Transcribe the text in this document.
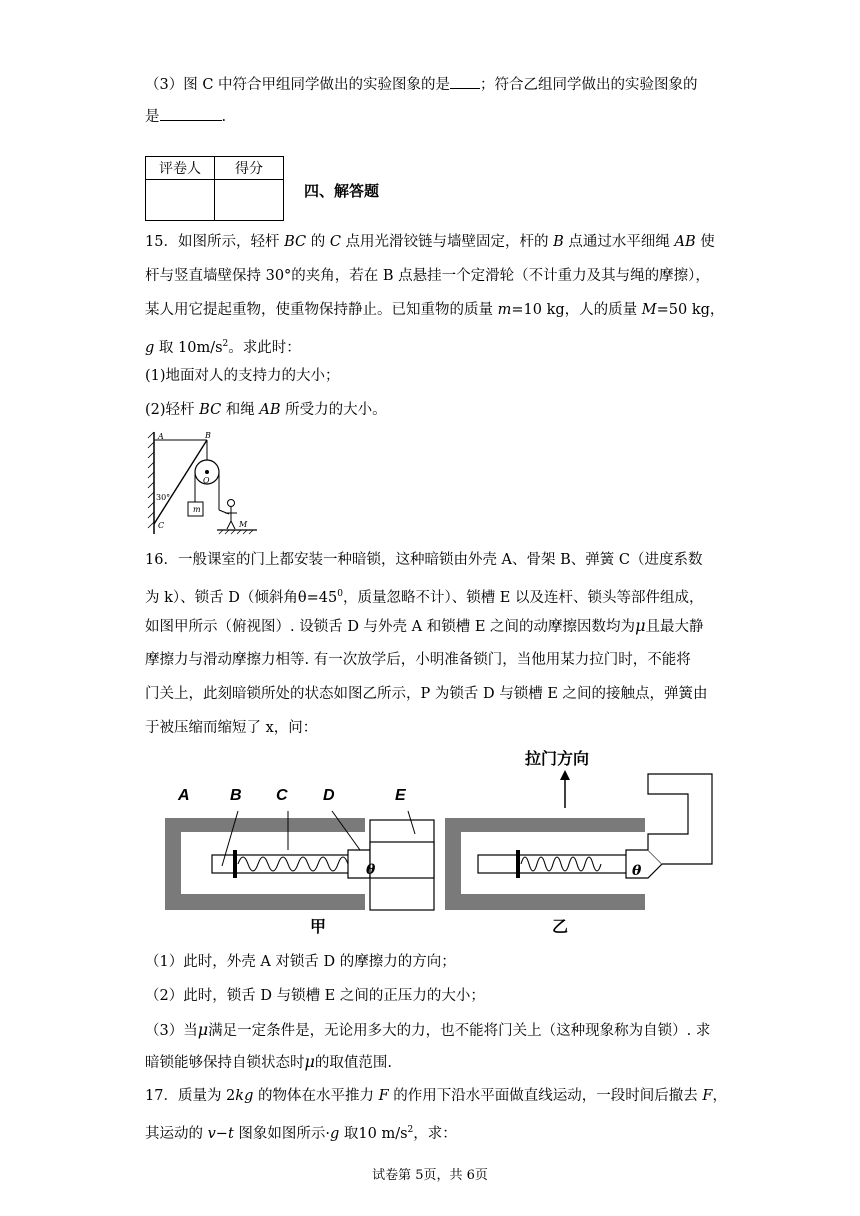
（3）图 C 中符合甲组同学做出的实验图象的是 ；符合乙组同学做出的实验图象的
是	.
评卷人	得分

四、解答题
15．如图所示，轻杆 BC 的 C 点用光滑铰链与墙壁固定，杆的 B 点通过水平细绳 AB 使
杆与竖直墙壁保持 30°的夹角，若在 B 点悬挂一个定滑轮（不计重力及其与绳的摩擦），
某人用它提起重物，使重物保持静止。已知重物的质量 m=10 kg，人的质量 M=50 kg，
g 取 $10m/s^2$。求此时：
(1)地面对人的支持力的大小；
(2)轻杆 BC 和绳 AB 所受力的大小。
A	B
O
30°
m
C	M
16．一般课室的门上都安装一种暗锁，这种暗锁由外壳 A、骨架 B、弹簧 C（进度系数
为 k）、锁舌 D（倾斜角$\theta=45^0$，质量忽略不计）、锁槽 E 以及连杆、锁头等部件组成，
如图甲所示（俯视图）. 设锁舌 D 与外壳 A 和锁槽 E 之间的动摩擦因数均为μ且最大静
摩擦力与滑动摩擦力相等. 有一次放学后，小明准备锁门，当他用某力拉门时，不能将
门关上，此刻暗锁所处的状态如图乙所示，P 为锁舌 D 与锁槽 E 之间的接触点，弹簧由
于被压缩而缩短了 x，问：
A	B C D	E
拉门方向
θ
甲
θ
乙
（1）此时，外壳 A 对锁舌 D 的摩擦力的方向；
（2）此时，锁舌 D 与锁槽 E 之间的正压力的大小；
（3）当μ满足一定条件是，无论用多大的力，也不能将门关上（这种现象称为自锁）. 求
暗锁能够保持自锁状态时μ的取值范围.
17．质量为 2kg 的物体在水平推力 F 的作用下沿水平面做直线运动，一段时间后撤去 F，
其运动的 v−t 图象如图所示·g 取10 $m/s^2$，求：
试卷第 5页，共 6页
